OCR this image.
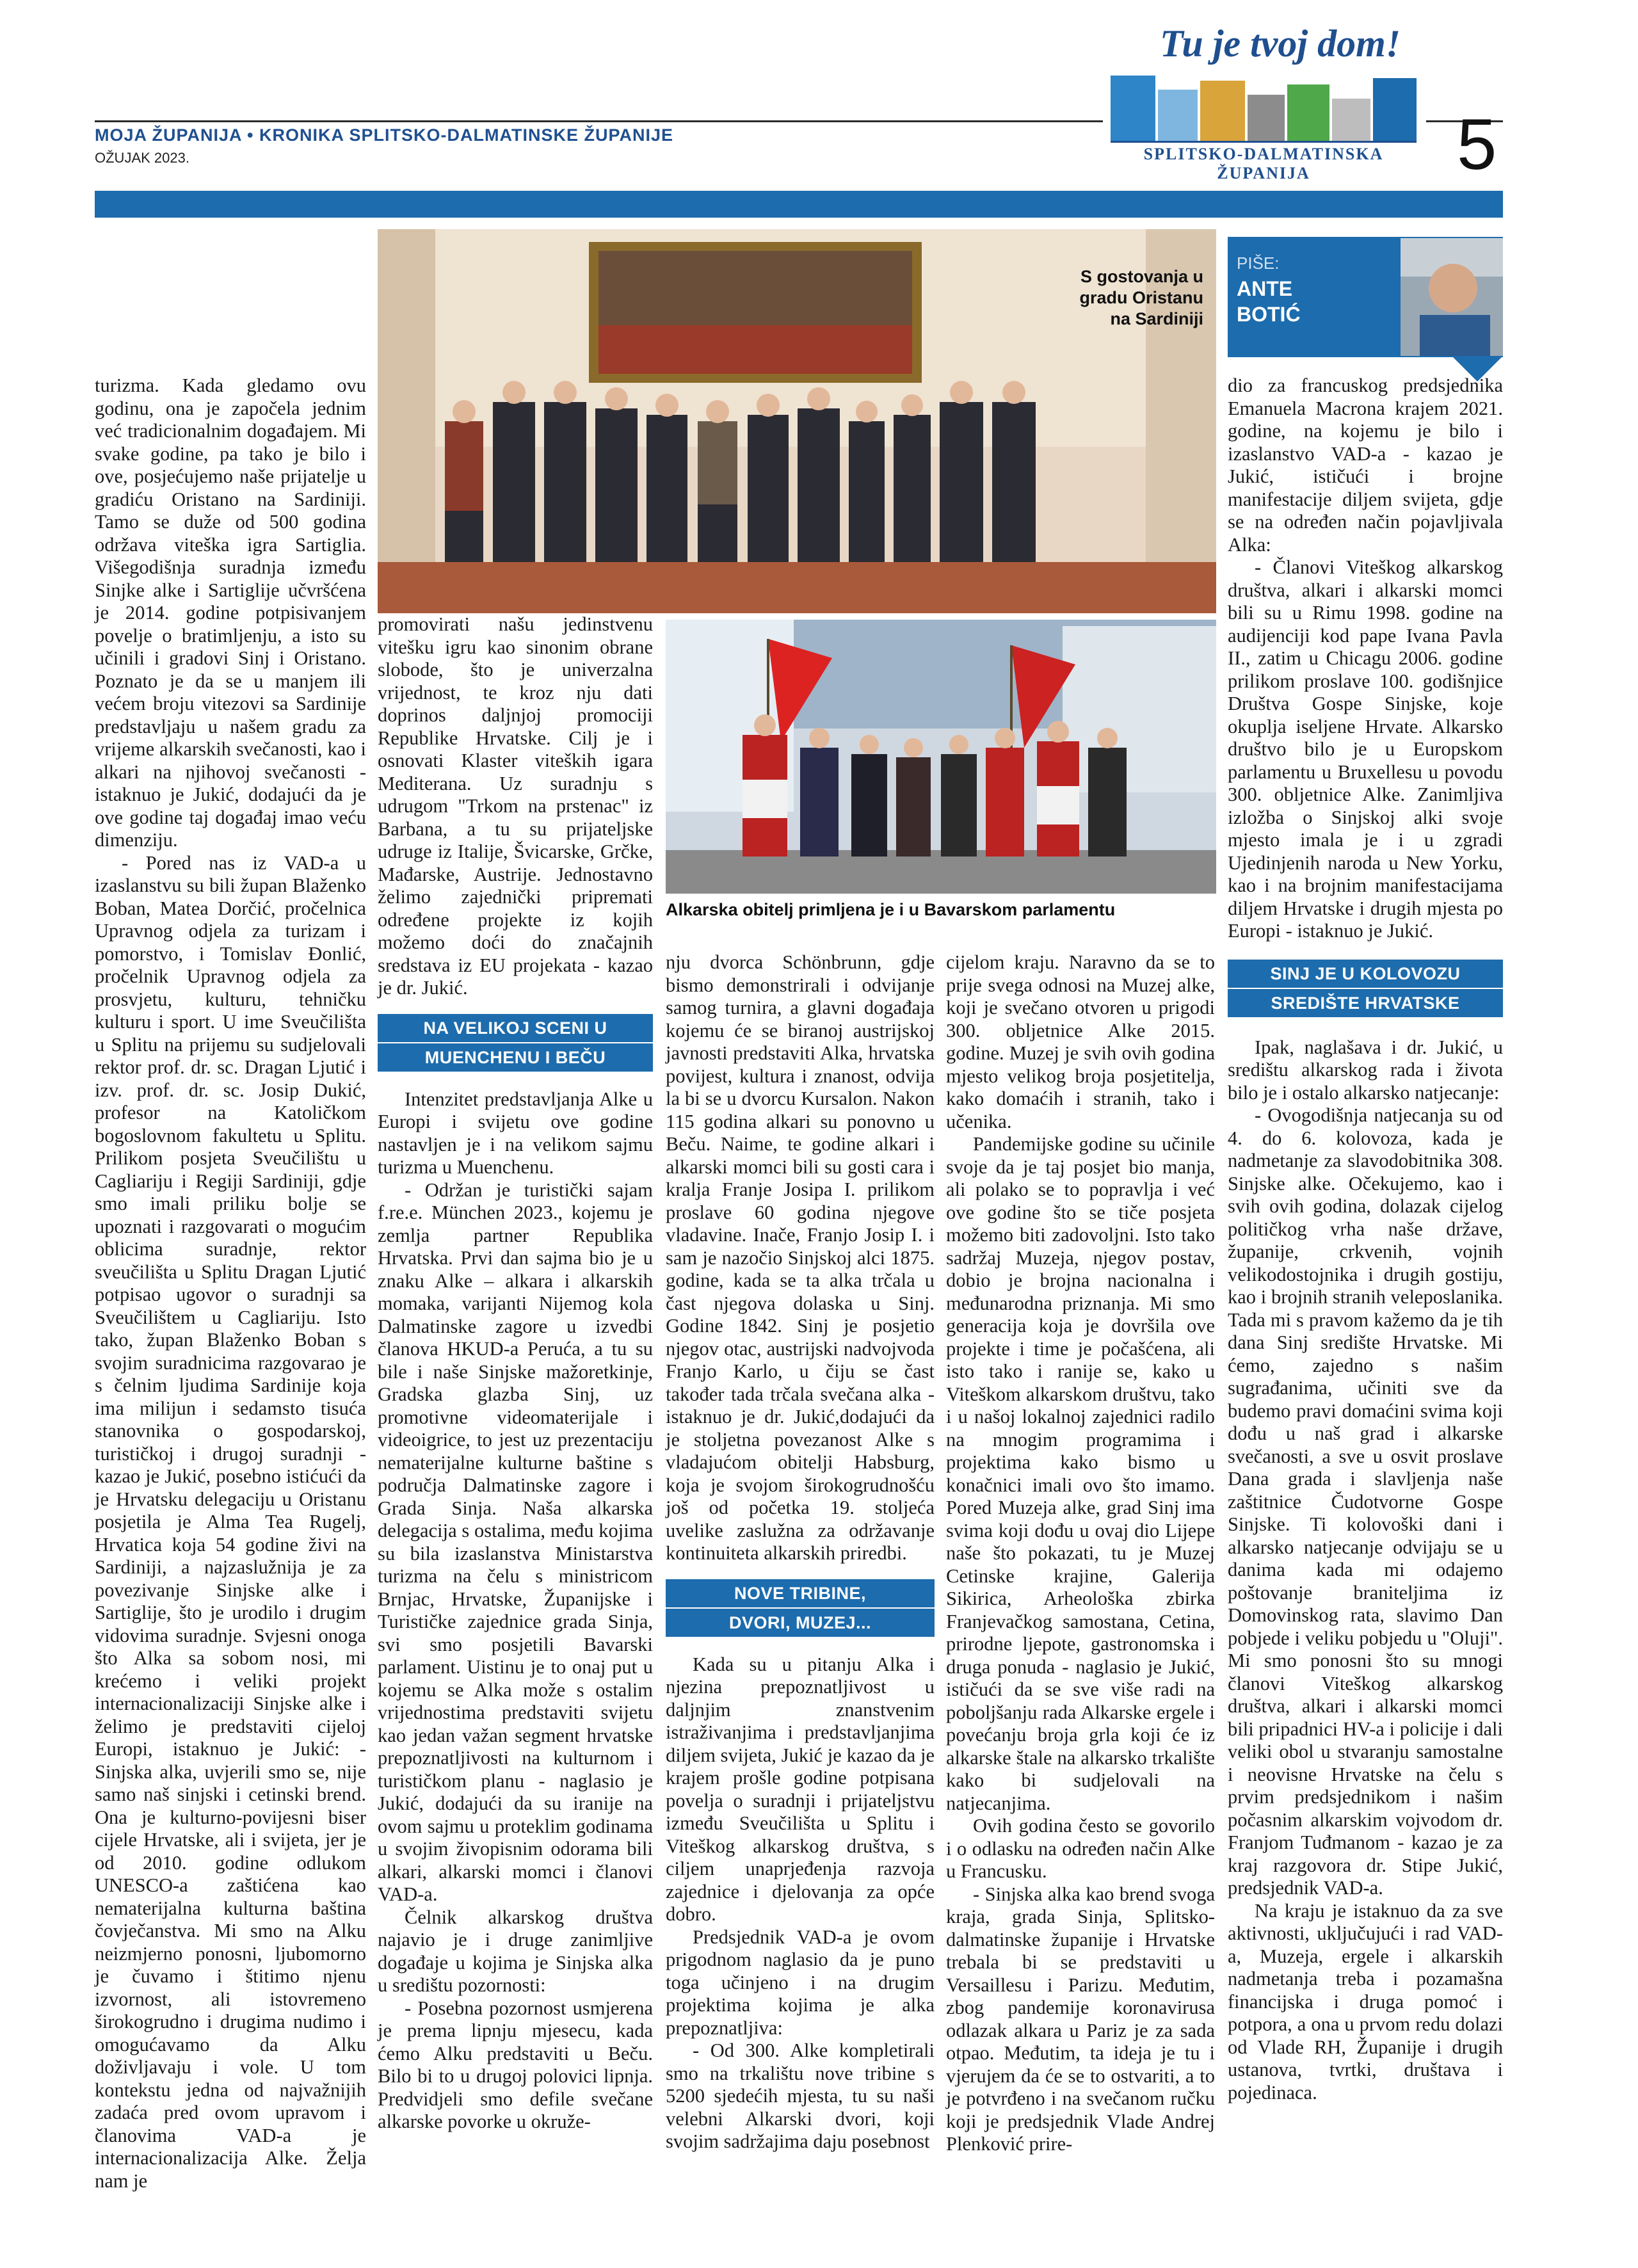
MOJA ŽUPANIJA • KRONIKA SPLITSKO-DALMATINSKE ŽUPANIJE
OŽUJAK 2023.	5
Tu je tvoj dom!
SPLITSKO-DALMATINSKA ŽUPANIJA
S gostovanja u gradu Oristanu na Sardiniji
PIŠE:
ANTE
BOTIĆ
Alkarska obitelj primljena je i u Bavarskom parlamentu

turizma. Kada gledamo ovu godinu, ona je započela jednim već tradicionalnim događajem. Mi svake godine, pa tako je bilo i ove, posjećujemo naše prijatelje u gradiću Oristano na Sardiniji. Tamo se duže od 500 godina održava viteška igra Sartiglia. Višegodišnja suradnja između Sinjke alke i Sartiglije učvršćena je 2014. godine potpisivanjem povelje o bratimljenju, a isto su učinili i gradovi Sinj i Oristano. Poznato je da se u manjem ili većem broju vitezovi sa Sardinije predstavljaju u našem gradu za vrijeme alkarskih svečanosti, kao i alkari na njihovoj svečanosti - istaknuo je Jukić, dodajući da je ove godine taj događaj imao veću dimenziju.

- Pored nas iz VAD-a u izaslanstvu su bili župan Blaženko Boban, Matea Dorčić, pročelnica Upravnog odjela za turizam i pomorstvo, i Tomislav Đonlić, pročelnik Upravnog odjela za prosvjetu, kulturu, tehničku kulturu i sport. U ime Sveučilišta u Splitu na prijemu su sudjelovali rektor prof. dr. sc. Dragan Ljutić i izv. prof. dr. sc. Josip Dukić, profesor na Katoličkom bogoslovnom fakultetu u Splitu. Prilikom posjeta Sveučilištu u Cagliariju i Regiji Sardiniji, gdje smo imali priliku bolje se upoznati i razgovarati o mogućim oblicima suradnje, rektor sveučilišta u Splitu Dragan Ljutić potpisao ugovor o suradnji sa Sveučilištem u Cagliariju. Isto tako, župan Blaženko Boban s svojim suradnicima razgovarao je s čelnim ljudima Sardinije koja ima milijun i sedamsto tisuća stanovnika o gospodarskoj, turističkoj i drugoj suradnji - kazao je Jukić, posebno istićući da je Hrvatsku delegaciju u Oristanu posjetila je Alma Tea Rugelj, Hrvatica koja 54 godine živi na Sardiniji, a najzaslužnija je za povezivanje Sinjske alke i Sartiglije, što je urodilo i drugim vidovima suradnje. Svjesni onoga što Alka sa sobom nosi, mi krećemo i veliki projekt internacionalizaciji Sinjske alke i želimo je predstaviti cijeloj Europi, istaknuo je Jukić: - Sinjska alka, uvjerili smo se, nije samo naš sinjski i cetinski brend. Ona je kulturno-povijesni biser cijele Hrvatske, ali i svijeta, jer je od 2010. godine odlukom UNESCO-a zaštićena kao nematerijalna kulturna baština čovječanstva. Mi smo na Alku neizmjerno ponosni, ljubomorno je čuvamo i štitimo njenu izvornost, ali istovremeno širokogrudno i drugima nudimo i omogućavamo da Alku doživljavaju i vole. U tom kontekstu jedna od najvažnijih zadaća pred ovom upravom i članovima VAD-a je internacionalizacija Alke. Želja nam je

promovirati našu jedinstvenu vitešku igru kao sinonim obrane slobode, što je univerzalna vrijednost, te kroz nju dati doprinos daljnjoj promociji Republike Hrvatske. Cilj je i osnovati Klaster viteških igara Mediterana. Uz suradnju s udrugom "Trkom na prstenac" iz Barbana, a tu su prijateljske udruge iz Italije, Švicarske, Grčke, Mađarske, Austrije. Jednostavno želimo zajednički pripremati određene projekte iz kojih možemo doći do značajnih sredstava iz EU projekata - kazao je dr. Jukić.

NA VELIKOJ SCENI U
MUENCHENU I BEČU

Intenzitet predstavljanja Alke u Europi i svijetu ove godine nastavljen je i na velikom sajmu turizma u Muenchenu.

- Održan je turistički sajam f.re.e. München 2023., kojemu je zemlja partner Republika Hrvatska. Prvi dan sajma bio je u znaku Alke – alkara i alkarskih momaka, varijanti Nijemog kola Dalmatinske zagore u izvedbi članova HKUD-a Peruća, a tu su bile i naše Sinjske mažoretkinje, Gradska glazba Sinj, uz promotivne videomaterijale i videoigrice, to jest uz prezentaciju nematerijalne kulturne baštine s područja Dalmatinske zagore i Grada Sinja. Naša alkarska delegacija s ostalima, među kojima su bila izaslanstva Ministarstva turizma na čelu s ministricom Brnjac, Hrvatske, Županijske i Turističke zajednice grada Sinja, svi smo posjetili Bavarski parlament. Uistinu je to onaj put u kojemu se Alka može s ostalim vrijednostima predstaviti svijetu kao jedan važan segment hrvatske prepoznatljivosti na kulturnom i turističkom planu - naglasio je Jukić, dodajući da su iranije na ovom sajmu u proteklim godinama u svojim živopisnim odorama bili alkari, alkarski momci i članovi VAD-a.

Čelnik alkarskog društva najavio je i druge zanimljive događaje u kojima je Sinjska alka u središtu pozornosti:

- Posebna pozornost usmjerena je prema lipnju mjesecu, kada ćemo Alku predstaviti u Beču. Bilo bi to u drugoj polovici lipnja. Predvidjeli smo defile svečane alkarske povorke u okruže-

nju dvorca Schönbrunn, gdje bismo demonstrirali i odvijanje samog turnira, a glavni događaja kojemu će se biranoj austrijskoj javnosti predstaviti Alka, hrvatska povijest, kultura i znanost, odvija la bi se u dvorcu Kursalon. Nakon 115 godina alkari su ponovno u Beču. Naime, te godine alkari i alkarski momci bili su gosti cara i kralja Franje Josipa I. prilikom proslave 60 godina njegove vladavine. Inače, Franjo Josip I. i sam je nazočio Sinjskoj alci 1875. godine, kada se ta alka trčala u čast njegova dolaska u Sinj. Godine 1842. Sinj je posjetio njegov otac, austrijski nadvojvoda Franjo Karlo, u čiju se čast također tada trčala svečana alka - istaknuo je dr. Jukić,dodajući da je stoljetna povezanost Alke s vladajućom obitelji Habsburg, koja je svojom širokogrudnošću još od početka 19. stoljeća uvelike zaslužna za održavanje kontinuiteta alkarskih priredbi.

NOVE TRIBINE,
DVORI, MUZEJ...

Kada su u pitanju Alka i njezina prepoznatljivost u daljnjim znanstvenim istraživanjima i predstavljanjima diljem svijeta, Jukić je kazao da je krajem prošle godine potpisana povelja o suradnji i prijateljstvu između Sveučilišta u Splitu i Viteškog alkarskog društva, s ciljem unaprjeđenja razvoja zajednice i djelovanja za opće dobro.

Predsjednik VAD-a je ovom prigodnom naglasio da je puno toga učinjeno i na drugim projektima kojima je alka prepoznatljiva:

- Od 300. Alke kompletirali smo na trkalištu nove tribine s 5200 sjedećih mjesta, tu su naši velebni Alkarski dvori, koji svojim sadržajima daju posebnost

cijelom kraju. Naravno da se to prije svega odnosi na Muzej alke, koji je svečano otvoren u prigodi 300. obljetnice Alke 2015. godine. Muzej je svih ovih godina mjesto velikog broja posjetitelja, kako domaćih i stranih, tako i učenika.

Pandemijske godine su učinile svoje da je taj posjet bio manja, ali polako se to popravlja i već ove godine što se tiče posjeta možemo biti zadovoljni. Isto tako sadržaj Muzeja, njegov postav, dobio je brojna nacionalna i međunarodna priznanja. Mi smo generacija koja je dovršila ove projekte i time je počašćena, ali isto tako i ranije se, kako u Viteškom alkarskom društvu, tako i u našoj lokalnoj zajednici radilo na mnogim programima i projektima kako bismo u konačnici imali ovo što imamo. Pored Muzeja alke, grad Sinj ima svima koji dođu u ovaj dio Lijepe naše što pokazati, tu je Muzej Cetinske krajine, Galerija Sikirica, Arheološka zbirka Franjevačkog samostana, Cetina, prirodne ljepote, gastronomska i druga ponuda - naglasio je Jukić, ističući da se sve više radi na poboljšanju rada Alkarske ergele i povećanju broja grla koji će iz alkarske štale na alkarsko trkalište kako bi sudjelovali na natjecanjima.

Ovih godina često se govorilo i o odlasku na određen način Alke u Francusku.

- Sinjska alka kao brend svoga kraja, grada Sinja, Splitsko-dalmatinske županije i Hrvatske trebala bi se predstaviti u Versaillesu i Parizu. Međutim, zbog pandemije koronavirusa odlazak alkara u Pariz je za sada otpao. Međutim, ta ideja je tu i vjerujem da će se to ostvariti, a to je potvrđeno i na svečanom ručku koji je predsjednik Vlade Andrej Plenković prire-

dio za francuskog predsjednika Emanuela Macrona krajem 2021. godine, na kojemu je bilo i izaslanstvo VAD-a - kazao je Jukić, ističući i brojne manifestacije diljem svijeta, gdje se na određen način pojavljivala Alka:

- Članovi Viteškog alkarskog društva, alkari i alkarski momci bili su u Rimu 1998. godine na audijenciji kod pape Ivana Pavla II., zatim u Chicagu 2006. godine prilikom proslave 100. godišnjice Društva Gospe Sinjske, koje okuplja iseljene Hrvate. Alkarsko društvo bilo je u Europskom parlamentu u Bruxellesu u povodu 300. obljetnice Alke. Zanimljiva izložba o Sinjskoj alki svoje mjesto imala je i u zgradi Ujedinjenih naroda u New Yorku, kao i na brojnim manifestacijama diljem Hrvatske i drugih mjesta po Europi - istaknuo je Jukić.

SINJ JE U KOLOVOZU
SREDIŠTE HRVATSKE

Ipak, naglašava i dr. Jukić, u središtu alkarskog rada i života bilo je i ostalo alkarsko natjecanje:

- Ovogodišnja natjecanja su od 4. do 6. kolovoza, kada je nadmetanje za slavodobitnika 308. Sinjske alke. Očekujemo, kao i svih ovih godina, dolazak cijelog političkog vrha naše države, županije, crkvenih, vojnih velikodostojnika i drugih gostiju, kao i brojnih stranih veleposlanika. Tada mi s pravom kažemo da je tih dana Sinj središte Hrvatske. Mi ćemo, zajedno s našim sugrađanima, učiniti sve da budemo pravi domaćini svima koji dođu u naš grad i alkarske svečanosti, a sve u osvit proslave Dana grada i slavljenja naše zaštitnice Čudotvorne Gospe Sinjske. Ti kolovoški dani i alkarsko natjecanje odvijaju se u danima kada mi odajemo poštovanje braniteljima iz Domovinskog rata, slavimo Dan pobjede i veliku pobjedu u "Oluji". Mi smo ponosni što su mnogi članovi Viteškog alkarskog društva, alkari i alkarski momci bili pripadnici HV-a i policije i dali veliki obol u stvaranju samostalne i neovisne Hrvatske na čelu s prvim predsjednikom i našim počasnim alkarskim vojvodom dr. Franjom Tuđmanom - kazao je za kraj razgovora dr. Stipe Jukić, predsjednik VAD-a.

Na kraju je istaknuo da za sve aktivnosti, uključujući i rad VAD-a, Muzeja, ergele i alkarskih nadmetanja treba i pozamašna financijska i druga pomoć i potpora, a ona u prvom redu dolazi od Vlade RH, Županije i drugih ustanova, tvrtki, društava i pojedinaca.
